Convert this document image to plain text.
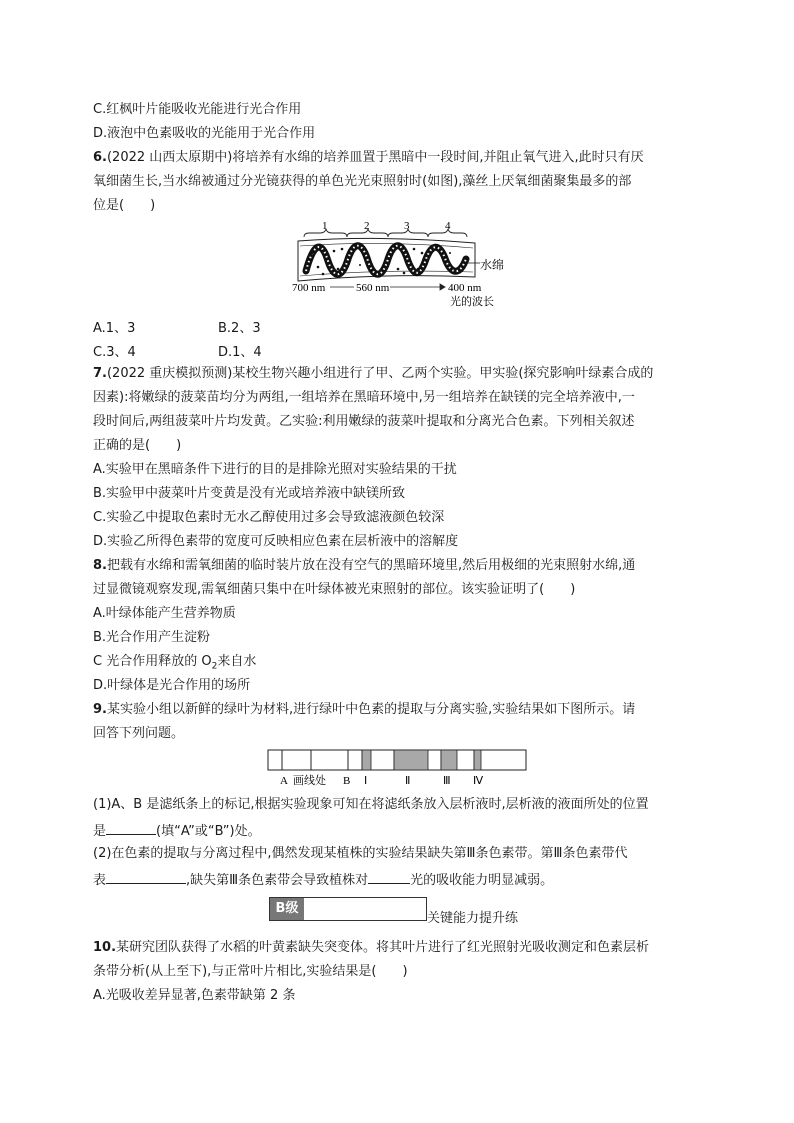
C.红枫叶片能吸收光能进行光合作用
D.液泡中色素吸收的光能用于光合作用
6.(2022 山西太原期中)将培养有水绵的培养皿置于黑暗中一段时间,并阻止氧气进入,此时只有厌
氧细菌生长,当水绵被通过分光镜获得的单色光光束照射时(如图),藻丝上厌氧细菌聚集最多的部
位是(　　)
1	2	3	4
水绵
700 nm	560 nm	400 nm
光的波长
A.1、3	B.2、3
C.3、4	D.1、4
7.(2022 重庆模拟预测)某校生物兴趣小组进行了甲、乙两个实验。甲实验(探究影响叶绿素合成的
因素):将嫩绿的菠菜苗均分为两组,一组培养在黑暗环境中,另一组培养在缺镁的完全培养液中,一
段时间后,两组菠菜叶片均发黄。乙实验:利用嫩绿的菠菜叶提取和分离光合色素。下列相关叙述
正确的是(　　)
A.实验甲在黑暗条件下进行的目的是排除光照对实验结果的干扰
B.实验甲中菠菜叶片变黄是没有光或培养液中缺镁所致
C.实验乙中提取色素时无水乙醇使用过多会导致滤液颜色较深
D.实验乙所得色素带的宽度可反映相应色素在层析液中的溶解度
8.把载有水绵和需氧细菌的临时装片放在没有空气的黑暗环境里,然后用极细的光束照射水绵,通
过显微镜观察发现,需氧细菌只集中在叶绿体被光束照射的部位。该实验证明了(　　)
A.叶绿体能产生营养物质
B.光合作用产生淀粉
C 光合作用释放的 $O_2$来自水
D.叶绿体是光合作用的场所
9.某实验小组以新鲜的绿叶为材料,进行绿叶中色素的提取与分离实验,实验结果如下图所示。请
回答下列问题。
A 画线处 B Ⅰ	Ⅱ	Ⅲ Ⅳ
(1)A、B 是滤纸条上的标记,根据实验现象可知在将滤纸条放入层析液时,层析液的液面所处的位置
是	(填“A”或“B”)处。
(2)在色素的提取与分离过程中,偶然发现某植株的实验结果缺失第Ⅲ条色素带。第Ⅲ条色素带代
表	,缺失第Ⅲ条色素带会导致植株对	光的吸收能力明显减弱。
B级
关键能力提升练
10.某研究团队获得了水稻的叶黄素缺失突变体。将其叶片进行了红光照射光吸收测定和色素层析
条带分析(从上至下),与正常叶片相比,实验结果是(　　)
A.光吸收差异显著,色素带缺第 2 条
